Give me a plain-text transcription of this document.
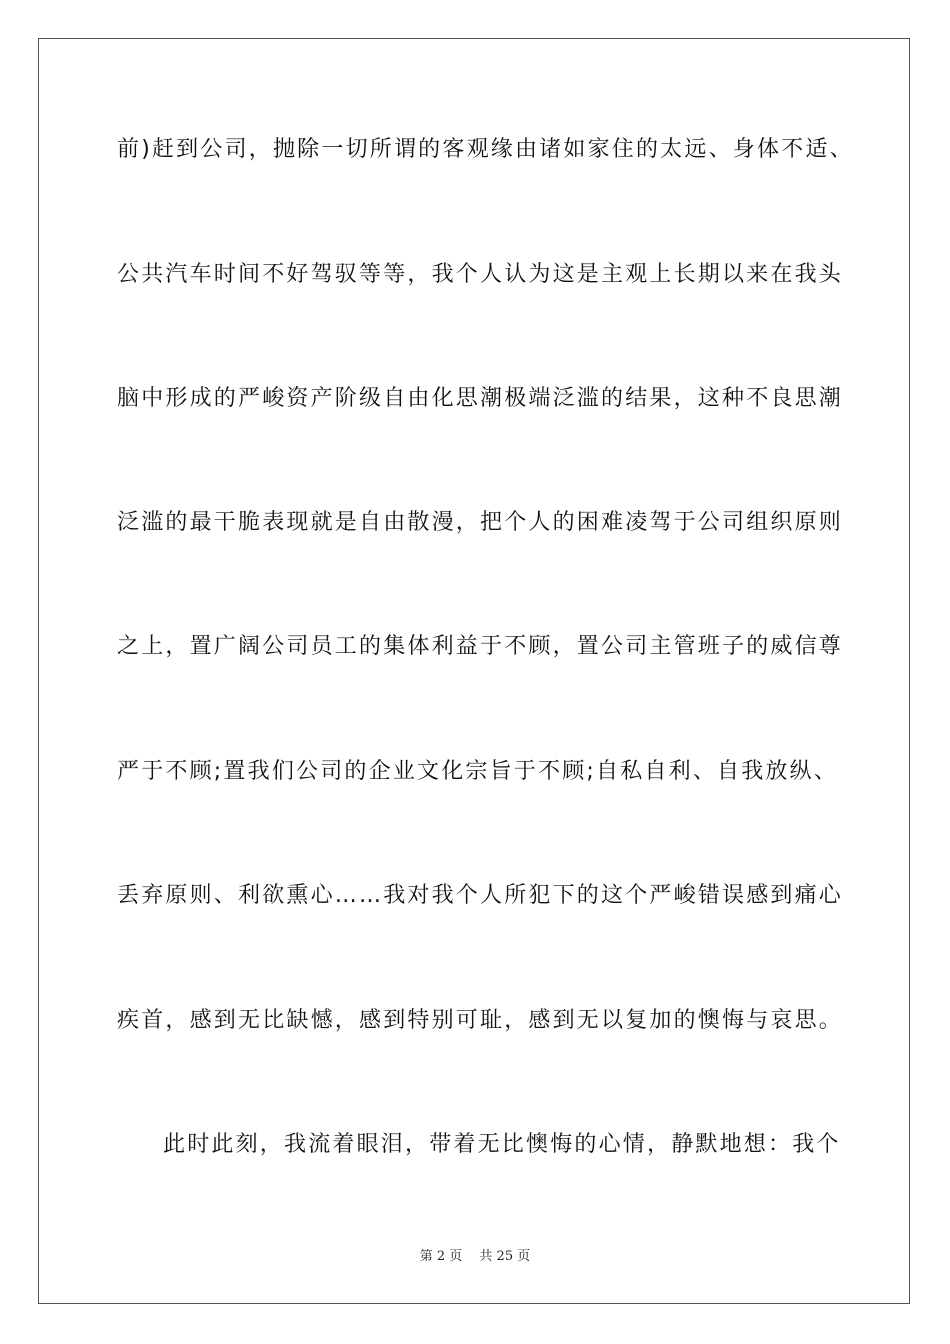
前)赶到公司，抛除一切所谓的客观缘由诸如家住的太远、身体不适、
公共汽车时间不好驾驭等等，我个人认为这是主观上长期以来在我头
脑中形成的严峻资产阶级自由化思潮极端泛滥的结果，这种不良思潮
泛滥的最干脆表现就是自由散漫，把个人的困难凌驾于公司组织原则
之上，置广阔公司员工的集体利益于不顾，置公司主管班子的威信尊
严于不顾;置我们公司的企业文化宗旨于不顾;自私自利、自我放纵、
丢弃原则、利欲熏心……我对我个人所犯下的这个严峻错误感到痛心
疾首，感到无比缺憾，感到特别可耻，感到无以复加的懊悔与哀思。
此时此刻，我流着眼泪，带着无比懊悔的心情，静默地想：我个
第 2 页　 共 25 页
